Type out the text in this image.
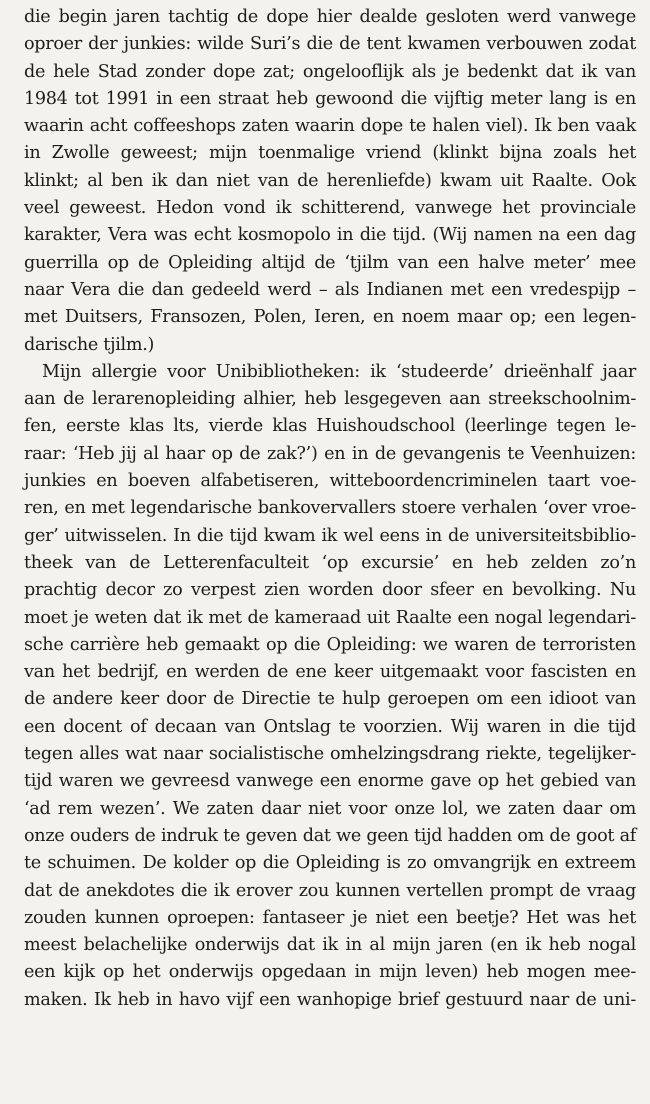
die begin jaren tachtig de dope hier dealde gesloten werd vanwege
oproer der junkies: wilde Suri’s die de tent kwamen verbouwen zodat
de hele Stad zonder dope zat; ongelooflijk als je bedenkt dat ik van
1984 tot 1991 in een straat heb gewoond die vijftig meter lang is en
waarin acht coffeeshops zaten waarin dope te halen viel). Ik ben vaak
in Zwolle geweest; mijn toenmalige vriend (klinkt bijna zoals het
klinkt; al ben ik dan niet van de herenliefde) kwam uit Raalte. Ook
veel geweest. Hedon vond ik schitterend, vanwege het provinciale
karakter, Vera was echt kosmopolo in die tijd. (Wij namen na een dag
guerrilla op de Opleiding altijd de ‘tjilm van een halve meter’ mee
naar Vera die dan gedeeld werd – als Indianen met een vredespijp –
met Duitsers, Fransozen, Polen, Ieren, en noem maar op; een legen-
darische tjilm.)
Mijn allergie voor Unibibliotheken: ik ‘studeerde’ drieënhalf jaar
aan de lerarenopleiding alhier, heb lesgegeven aan streekschoolnim-
fen, eerste klas lts, vierde klas Huishoudschool (leerlinge tegen le-
raar: ‘Heb jij al haar op de zak?’) en in de gevangenis te Veenhuizen:
junkies en boeven alfabetiseren, witteboordencriminelen taart voe-
ren, en met legendarische bankovervallers stoere verhalen ‘over vroe-
ger’ uitwisselen. In die tijd kwam ik wel eens in de universiteitsbiblio-
theek van de Letterenfaculteit ‘op excursie’ en heb zelden zo’n
prachtig decor zo verpest zien worden door sfeer en bevolking. Nu
moet je weten dat ik met de kameraad uit Raalte een nogal legendari-
sche carrière heb gemaakt op die Opleiding: we waren de terroristen
van het bedrijf, en werden de ene keer uitgemaakt voor fascisten en
de andere keer door de Directie te hulp geroepen om een idioot van
een docent of decaan van Ontslag te voorzien. Wij waren in die tijd
tegen alles wat naar socialistische omhelzingsdrang riekte, tegelijker-
tijd waren we gevreesd vanwege een enorme gave op het gebied van
‘ad rem wezen’. We zaten daar niet voor onze lol, we zaten daar om
onze ouders de indruk te geven dat we geen tijd hadden om de goot af
te schuimen. De kolder op die Opleiding is zo omvangrijk en extreem
dat de anekdotes die ik erover zou kunnen vertellen prompt de vraag
zouden kunnen oproepen: fantaseer je niet een beetje? Het was het
meest belachelijke onderwijs dat ik in al mijn jaren (en ik heb nogal
een kijk op het onderwijs opgedaan in mijn leven) heb mogen mee-
maken. Ik heb in havo vijf een wanhopige brief gestuurd naar de uni-
